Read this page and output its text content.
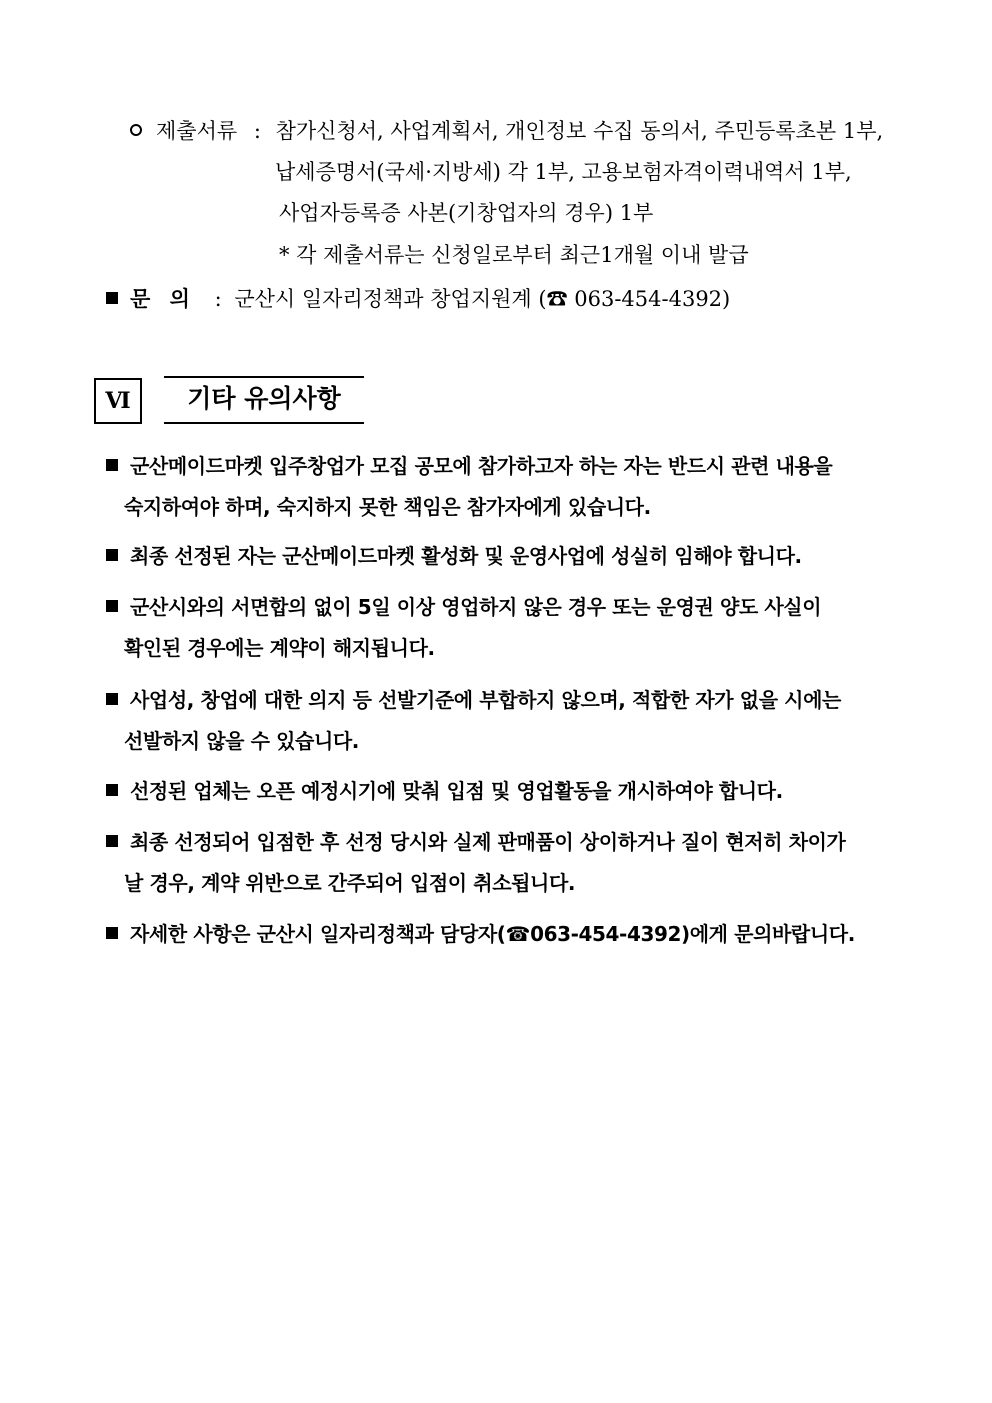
제출서류 : 참가신청서, 사업계획서, 개인정보 수집 동의서, 주민등록초본 1부,
납세증명서(국세·지방세) 각 1부, 고용보험자격이력내역서 1부,
사업자등록증 사본(기창업자의 경우) 1부
* 각 제출서류는 신청일로부터 최근1개월 이내 발급
문 의 : 군산시 일자리정책과 창업지원계 (☎ 063-454-4392)
Ⅵ	기타 유의사항
군산메이드마켓 입주창업가 모집 공모에 참가하고자 하는 자는 반드시 관련 내용을
숙지하여야 하며, 숙지하지 못한 책임은 참가자에게 있습니다.
최종 선정된 자는 군산메이드마켓 활성화 및 운영사업에 성실히 임해야 합니다.
군산시와의 서면합의 없이 5일 이상 영업하지 않은 경우 또는 운영권 양도 사실이
확인된 경우에는 계약이 해지됩니다.
사업성, 창업에 대한 의지 등 선발기준에 부합하지 않으며, 적합한 자가 없을 시에는
선발하지 않을 수 있습니다.
선정된 업체는 오픈 예정시기에 맞춰 입점 및 영업활동을 개시하여야 합니다.
최종 선정되어 입점한 후 선정 당시와 실제 판매품이 상이하거나 질이 현저히 차이가
날 경우, 계약 위반으로 간주되어 입점이 취소됩니다.
자세한 사항은 군산시 일자리정책과 담당자(☎063-454-4392)에게 문의바랍니다.
